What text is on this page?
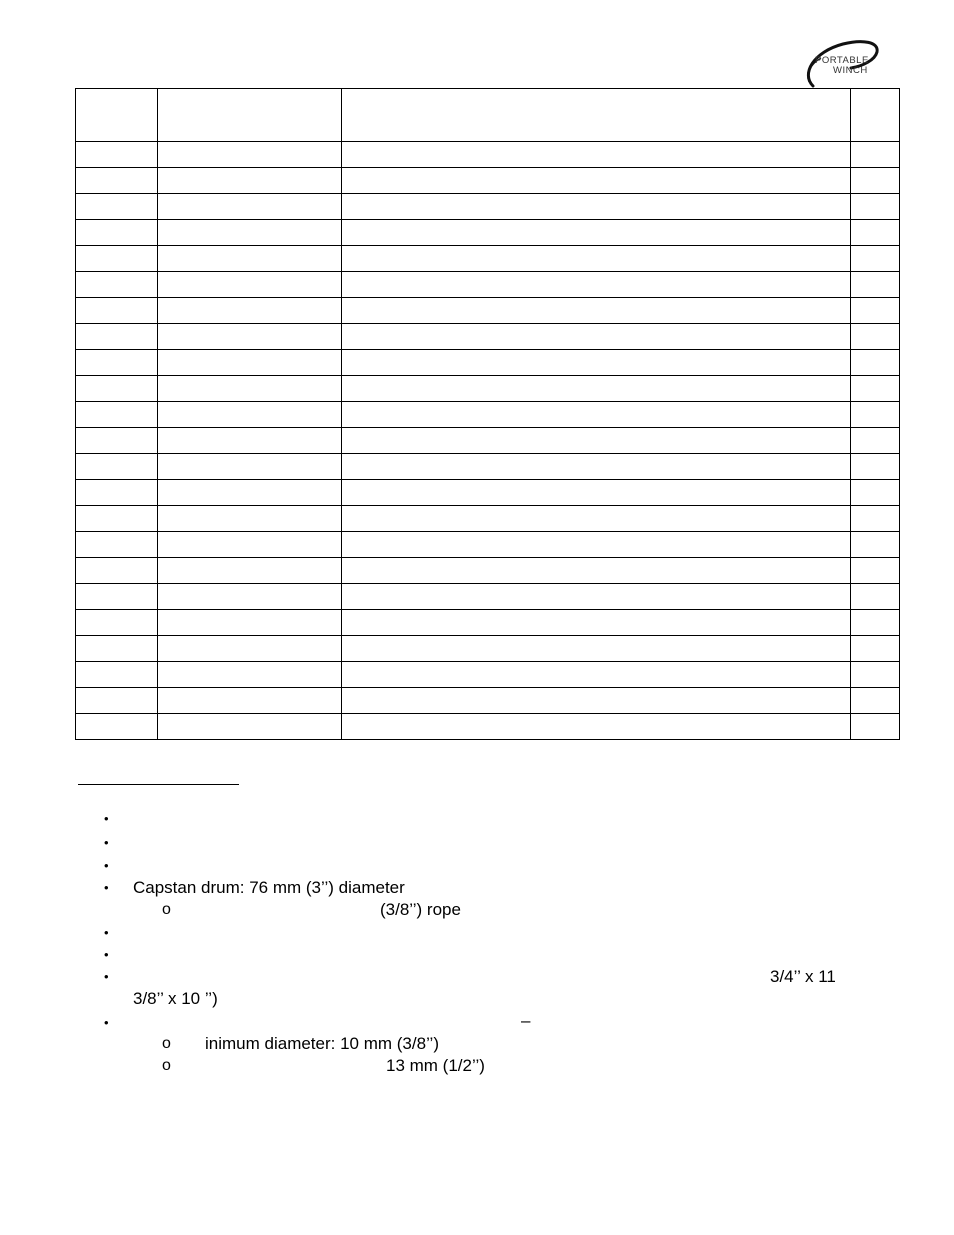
PORTABLE
WINCH

•
•
•
• Capstan drum: 76 mm (3’’) diameter
o	(3/8’’) rope
•
•
•	3/4’’ x 11
3/8’’ x 10 ’’)
•	–
o inimum diameter: 10 mm (3/8’’)
o	13 mm (1/2’’)
